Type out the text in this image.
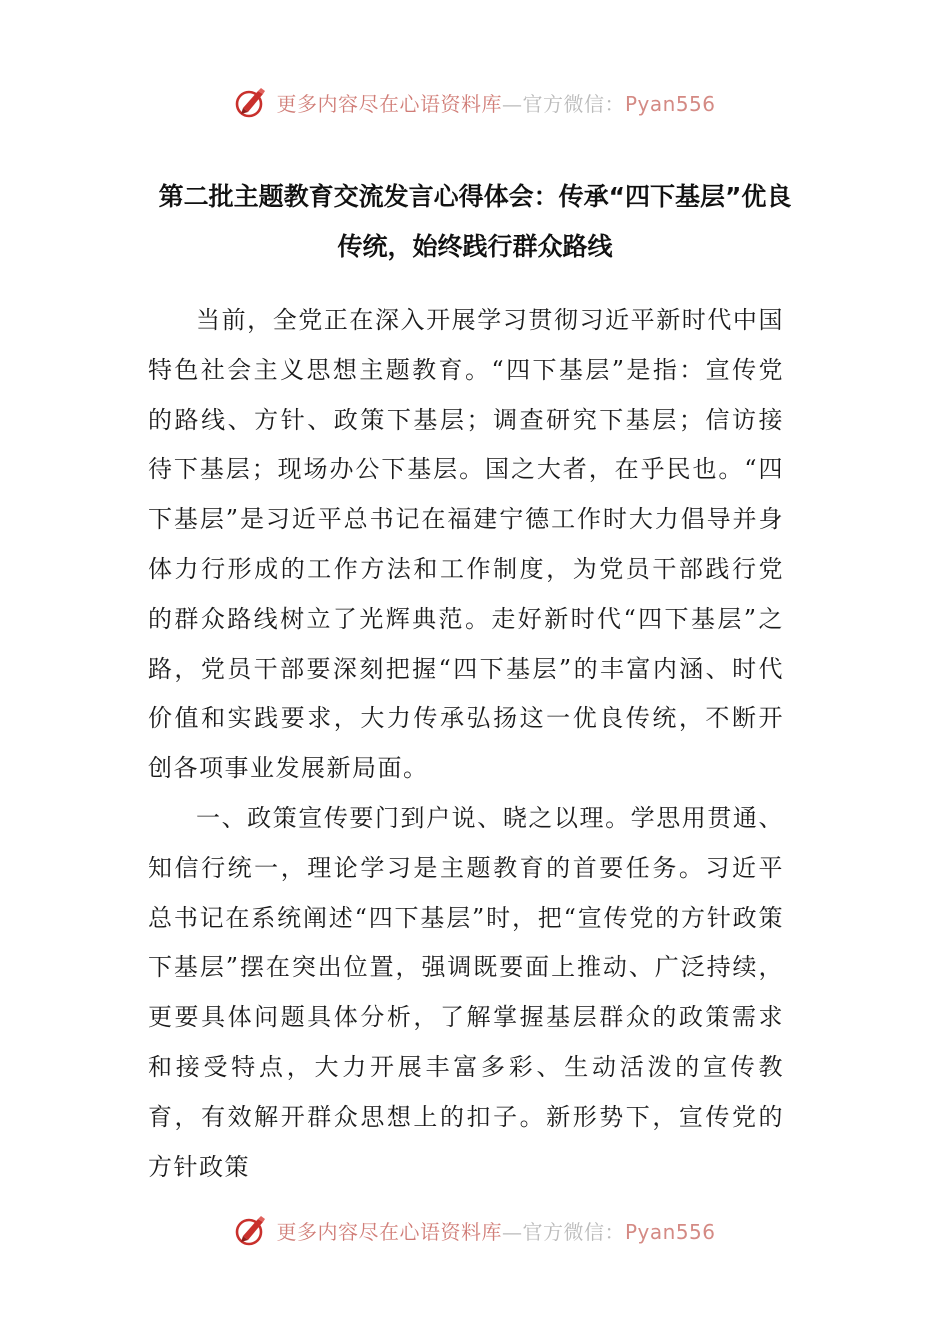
更多内容尽在心语资料库—官方微信：Pyan556
第二批主题教育交流发言心得体会：传承“四下基层”优良传统，始终践行群众路线

当前，全党正在深入开展学习贯彻习近平新时代中国特色社会主义思想主题教育。“四下基层”是指：宣传党的路线、方针、政策下基层；调查研究下基层；信访接待下基层；现场办公下基层。国之大者，在乎民也。“四下基层”是习近平总书记在福建宁德工作时大力倡导并身体力行形成的工作方法和工作制度，为党员干部践行党的群众路线树立了光辉典范。走好新时代“四下基层”之路，党员干部要深刻把握“四下基层”的丰富内涵、时代价值和实践要求，大力传承弘扬这一优良传统，不断开创各项事业发展新局面。

一、政策宣传要门到户说、晓之以理。学思用贯通、知信行统一，理论学习是主题教育的首要任务。习近平总书记在系统阐述“四下基层”时，把“宣传党的方针政策下基层”摆在突出位置，强调既要面上推动、广泛持续，更要具体问题具体分析，了解掌握基层群众的政策需求和接受特点，大力开展丰富多彩、生动活泼的宣传教育，有效解开群众思想上的扣子。新形势下，宣传党的方针政策

更多内容尽在心语资料库—官方微信：Pyan556
